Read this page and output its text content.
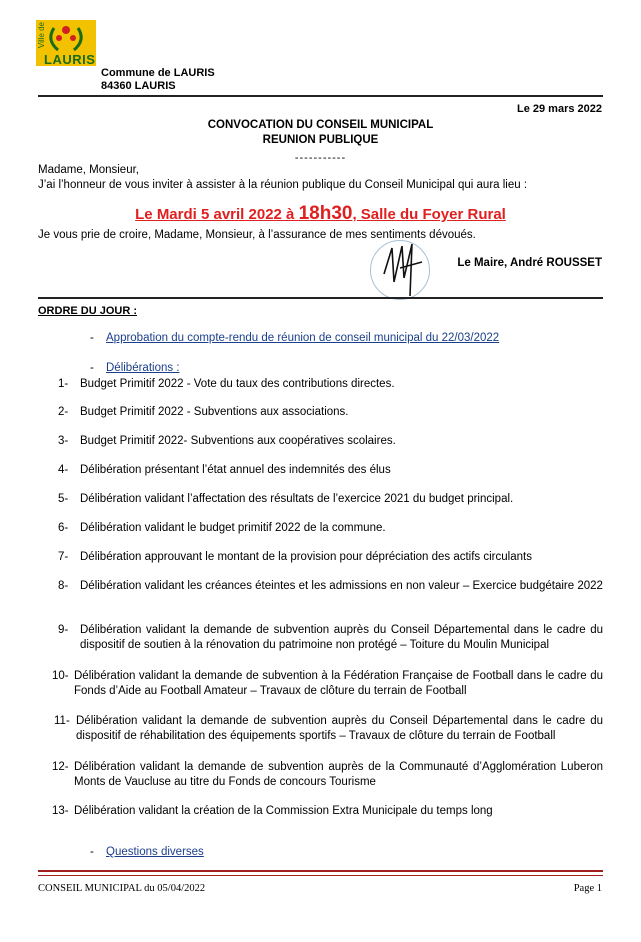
Ville de
LAURIS
Commune de LAURIS
84360 LAURIS
Le 29 mars 2022
CONVOCATION DU CONSEIL MUNICIPAL
REUNION PUBLIQUE
-----------
Madame, Monsieur,
J’ai l’honneur de vous inviter à assister à la réunion publique du Conseil Municipal qui aura lieu :
Le Mardi 5 avril 2022 à 18h30, Salle du Foyer Rural
Je vous prie de croire, Madame, Monsieur, à l’assurance de mes sentiments dévoués.
Le Maire, André ROUSSET
ORDRE DU JOUR :
- Approbation du compte-rendu de réunion de conseil municipal du 22/03/2022
- Délibérations :
1- Budget Primitif 2022 - Vote du taux des contributions directes.
2- Budget Primitif 2022 - Subventions aux associations.
3- Budget Primitif 2022- Subventions aux coopératives scolaires.
4- Délibération présentant l’état annuel des indemnités des élus
5- Délibération validant l’affectation des résultats de l’exercice 2021 du budget principal.
6- Délibération validant le budget primitif 2022 de la commune.
7- Délibération approuvant le montant de la provision pour dépréciation des actifs circulants
8- Délibération validant les créances éteintes et les admissions en non valeur – Exercice budgétaire 2022
9- Délibération validant la demande de subvention auprès du Conseil Départemental dans le cadre du dispositif de soutien à la rénovation du patrimoine non protégé – Toiture du Moulin Municipal
10- Délibération validant la demande de subvention à la Fédération Française de Football dans le cadre du Fonds d’Aide au Football Amateur – Travaux de clôture du terrain de Football
11- Délibération validant la demande de subvention auprès du Conseil Départemental dans le cadre du dispositif de réhabilitation des équipements sportifs – Travaux de clôture du terrain de Football
12- Délibération validant la demande de subvention auprès de la Communauté d’Agglomération Luberon Monts de Vaucluse au titre du Fonds de concours Tourisme
13- Délibération validant la création de la Commission Extra Municipale du temps long
- Questions diverses
CONSEIL MUNICIPAL du 05/04/2022	Page 1
